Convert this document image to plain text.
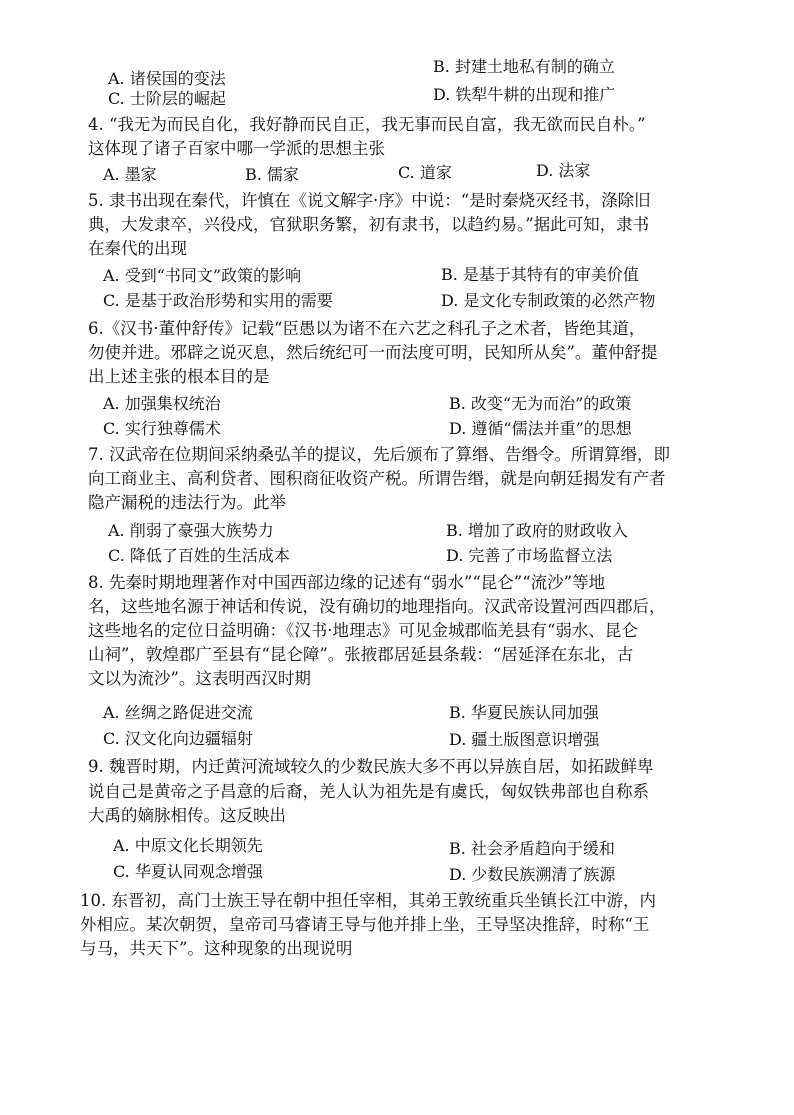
A. 诸侯国的变法
B. 封建土地私有制的确立
C. 士阶层的崛起	D. 铁犁牛耕的出现和推广
4. “我无为而民自化，我好静而民自正，我无事而民自富，我无欲而民自朴。”
这体现了诸子百家中哪一学派的思想主张
A. 墨家	B. 儒家	C. 道家	D. 法家
5. 隶书出现在秦代，许慎在《说文解字·序》中说：“是时秦烧灭经书，涤除旧
典，大发隶卒，兴役戍，官狱职务繁，初有隶书，以趋约易。”据此可知，隶书
在秦代的出现
A. 受到“书同文”政策的影响	B. 是基于其特有的审美价值
C. 是基于政治形势和实用的需要	D. 是文化专制政策的必然产物
6.《汉书·董仲舒传》记载“臣愚以为诸不在六艺之科孔子之术者，皆绝其道，
勿使并进。邪辟之说灭息，然后统纪可一而法度可明，民知所从矣”。董仲舒提
出上述主张的根本目的是
A. 加强集权统治	B. 改变“无为而治”的政策
C. 实行独尊儒术	D. 遵循“儒法并重”的思想
7. 汉武帝在位期间采纳桑弘羊的提议，先后颁布了算缗、告缗令。所谓算缗，即
向工商业主、高利贷者、囤积商征收资产税。所谓告缗，就是向朝廷揭发有产者
隐产漏税的违法行为。此举
A. 削弱了豪强大族势力	B. 增加了政府的财政收入
C. 降低了百姓的生活成本	D. 完善了市场监督立法
8. 先秦时期地理著作对中国西部边缘的记述有“弱水”“昆仑”“流沙”等地
名，这些地名源于神话和传说，没有确切的地理指向。汉武帝设置河西四郡后，
这些地名的定位日益明确：《汉书·地理志》可见金城郡临羌县有“弱水、昆仑
山祠”，敦煌郡广至县有“昆仑障”。张掖郡居延县条载：“居延泽在东北，古
文以为流沙”。这表明西汉时期
A. 丝绸之路促进交流	B. 华夏民族认同加强
C. 汉文化向边疆辐射	D. 疆土版图意识增强
9. 魏晋时期，内迁黄河流域较久的少数民族大多不再以异族自居，如拓跋鲜卑
说自己是黄帝之子昌意的后裔，羌人认为祖先是有虞氏，匈奴铁弗部也自称系
大禹的嫡脉相传。这反映出
A. 中原文化长期领先	B. 社会矛盾趋向于缓和
C. 华夏认同观念增强	D. 少数民族溯清了族源
10. 东晋初，高门士族王导在朝中担任宰相，其弟王敦统重兵坐镇长江中游，内
外相应。某次朝贺，皇帝司马睿请王导与他并排上坐，王导坚决推辞，时称“王
与马，共天下”。这种现象的出现说明
